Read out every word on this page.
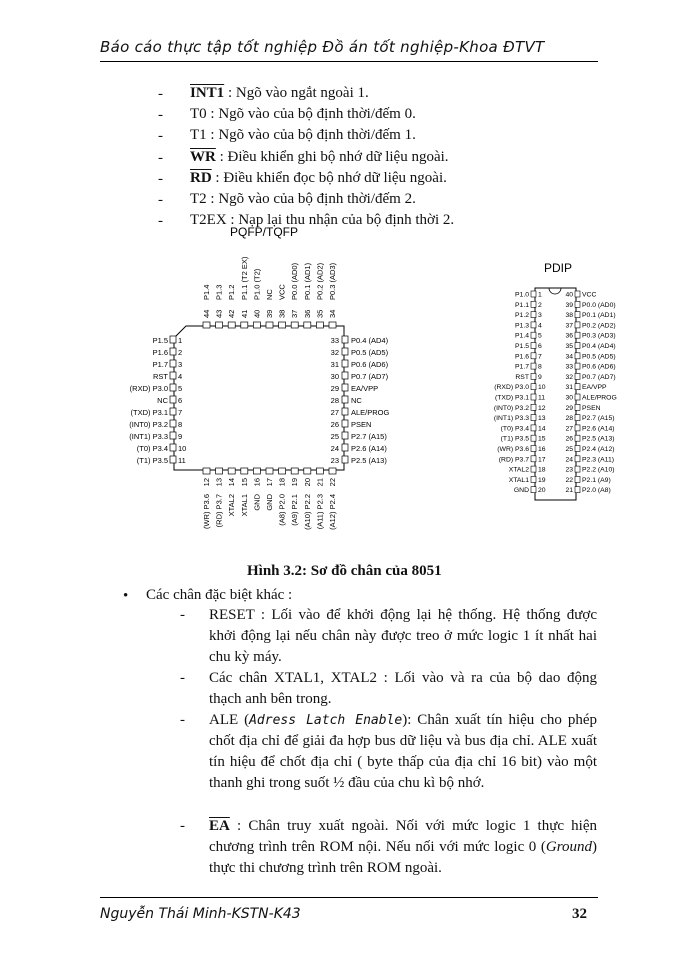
Báo cáo thực tập tốt nghiệp Đồ án tốt nghiệp-Khoa ĐTVT
- INT1 : Ngõ vào ngắt ngoài 1.
- T0 : Ngõ vào của bộ định thời/đếm 0.
- T1 : Ngõ vào của bộ định thời/đếm 1.
- $\overline{WR}$ : Điều khiển ghi bộ nhớ dữ liệu ngoài.
- $\overline{RD}$ : Điều khiển đọc bộ nhớ dữ liệu ngoài.
- T2 : Ngõ vào của bộ định thời/đếm 2.
- T2EX : Nạp lại thu nhận của bộ định thời 2.
PQFP/TQFP
P1.5 1
P1.6 2
P1.7 3
RST 4
(RXD) P3.0 5
NC 6
(TXD) P3.1 7
(INT0) P3.2 8
(INT1) P3.3 9
(T0) P3.4 10
(T1) P3.5 11
33 P0.4 (AD4)
32 P0.5 (AD5)
31 P0.6 (AD6)
30 P0.7 (AD7)
29 EA/VPP
28 NC
27 ALE/PROG
26 PSEN
25 P2.7 (A15)
24 P2.6 (A14)
23 P2.5 (A13)
44
P1.4
43
P1.3
42
P1.2
41
P1.1 (T2 EX)
40
P1.0 (T2)
39
NC
38
VCC
37
P0.0 (AD0)
36
P0.1 (AD1)
35
P0.2 (AD2)
34
P0.3 (AD3)
12
(WR) P3.6
13
(RD) P3.7
14
XTAL2
15
XTAL1
16
GND
17
GND
18
(A8) P2.0
19
(A9) P2.1
20
(A10) P2.2
21
(A11) P2.3
22
(A12) P2.4
PDIP
P1.0 1
P1.1 2
P1.2 3
P1.3 4
P1.4 5
P1.5 6
P1.6 7
P1.7 8
RST 9
(RXD) P3.0 10
(TXD) P3.1 11
(INT0) P3.2 12
(INT1) P3.3 13
(T0) P3.4 14
(T1) P3.5 15
(WR) P3.6 16
(RD) P3.7 17
XTAL2 18
XTAL1 19
GND 20
40 VCC
39 P0.0 (AD0)
38 P0.1 (AD1)
37 P0.2 (AD2)
36 P0.3 (AD3)
35 P0.4 (AD4)
34 P0.5 (AD5)
33 P0.6 (AD6)
32 P0.7 (AD7)
31 EA/VPP
30 ALE/PROG
29 PSEN
28 P2.7 (A15)
27 P2.6 (A14)
26 P2.5 (A13)
25 P2.4 (A12)
24 P2.3 (A11)
23 P2.2 (A10)
22 P2.1 (A9)
21 P2.0 (A8)
Hình 3.2: Sơ đồ chân của 8051
• Các chân đặc biệt khác :
- RESET : Lối vào để khởi động lại hệ thống. Hệ thống được khởi động lại nếu chân này được treo ở mức logic 1 ít nhất hai chu kỳ máy.
- Các chân XTAL1, XTAL2 : Lối vào và ra của bộ dao động thạch anh bên trong.
- ALE (Adress Latch Enable): Chân xuất tín hiệu cho phép chốt địa chỉ để giải đa hợp bus dữ liệu và bus địa chỉ. ALE xuất tín hiệu để chốt địa chỉ ( byte thấp của địa chỉ 16 bit) vào một thanh ghi trong suốt ½ đầu của chu kì bộ nhớ.
- $\overline{EA}$ : Chân truy xuất ngoài. Nối với mức logic 1 thực hiện chương trình trên ROM nội. Nếu nối với mức logic 0 (Ground) thực thi chương trình trên ROM ngoài.
Nguyễn Thái Minh-KSTN-K43	32
